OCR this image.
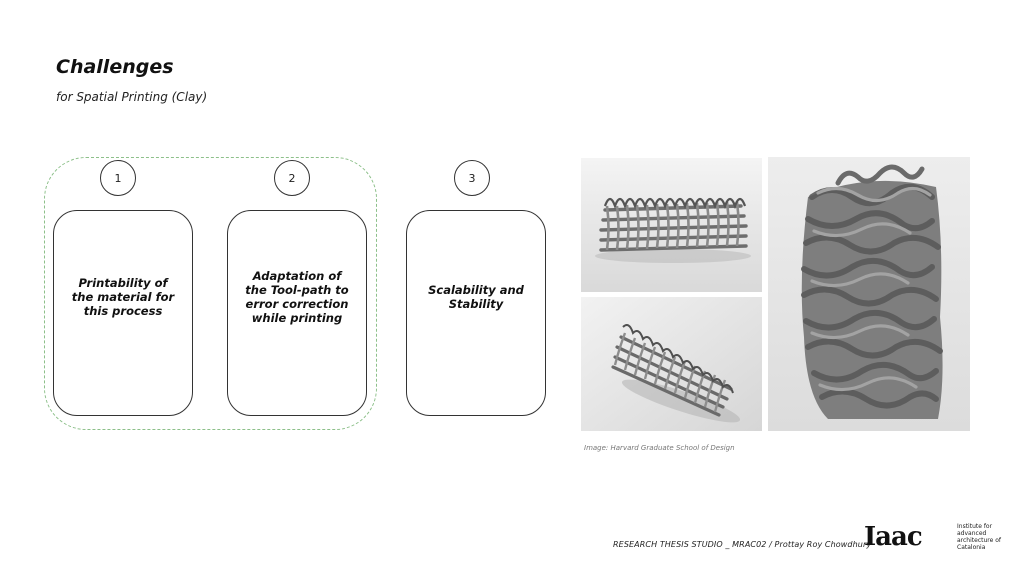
Challenges
for Spatial Printing (Clay)
1	2	3
Printability of the material for this process
Adaptation of the Tool-path to error correction while printing
Scalability and Stability
Image: Harvard Graduate School of Design
RESEARCH THESIS STUDIO _ MRAC02 / Prottay Roy Chowdhury
Iaac	Institute for advanced architecture of Catalonia
